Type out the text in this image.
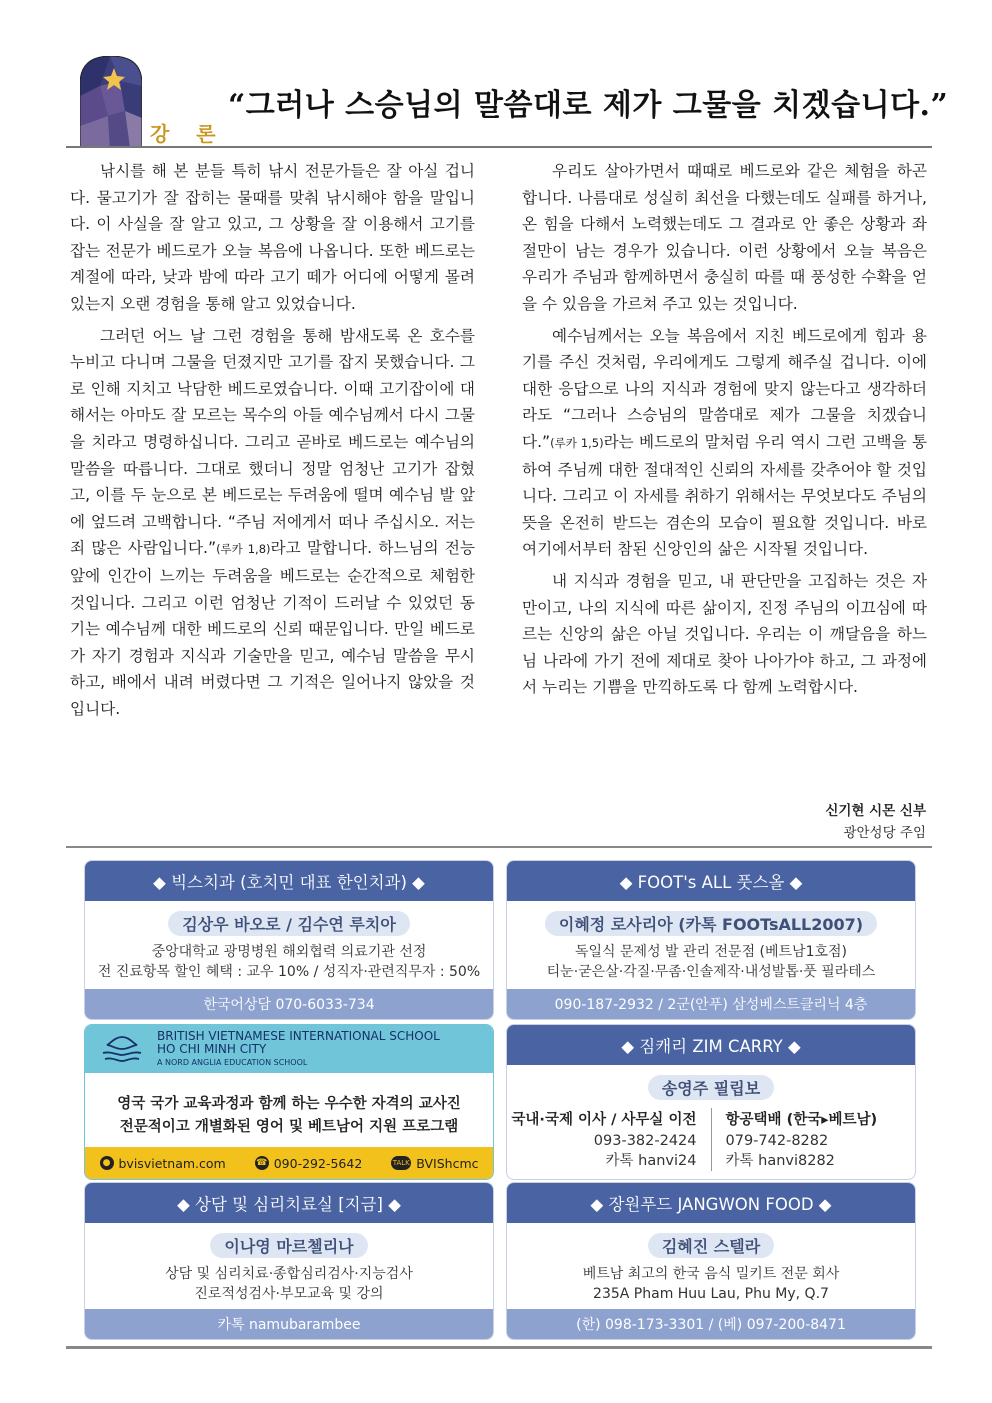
강 론
“그러나 스승님의 말씀대로 제가 그물을 치겠습니다.”

낚시를 해 본 분들 특히 낚시 전문가들은 잘 아실 겁니다. 물고기가 잘 잡히는 물때를 맞춰 낚시해야 함을 말입니다. 이 사실을 잘 알고 있고, 그 상황을 잘 이용해서 고기를 잡는 전문가 베드로가 오늘 복음에 나옵니다. 또한 베드로는 계절에 따라, 낮과 밤에 따라 고기 떼가 어디에 어떻게 몰려 있는지 오랜 경험을 통해 알고 있었습니다.

그러던 어느 날 그런 경험을 통해 밤새도록 온 호수를 누비고 다니며 그물을 던졌지만 고기를 잡지 못했습니다. 그로 인해 지치고 낙담한 베드로였습니다. 이때 고기잡이에 대해서는 아마도 잘 모르는 목수의 아들 예수님께서 다시 그물을 치라고 명령하십니다. 그리고 곧바로 베드로는 예수님의 말씀을 따릅니다. 그대로 했더니 정말 엄청난 고기가 잡혔고, 이를 두 눈으로 본 베드로는 두려움에 떨며 예수님 발 앞에 엎드려 고백합니다. “주님 저에게서 떠나 주십시오. 저는 죄 많은 사람입니다.”(루카 1,8)라고 말합니다. 하느님의 전능 앞에 인간이 느끼는 두려움을 베드로는 순간적으로 체험한 것입니다. 그리고 이런 엄청난 기적이 드러날 수 있었던 동기는 예수님께 대한 베드로의 신뢰 때문입니다. 만일 베드로가 자기 경험과 지식과 기술만을 믿고, 예수님 말씀을 무시하고, 배에서 내려 버렸다면 그 기적은 일어나지 않았을 것입니다.

우리도 살아가면서 때때로 베드로와 같은 체험을 하곤 합니다. 나름대로 성실히 최선을 다했는데도 실패를 하거나, 온 힘을 다해서 노력했는데도 그 결과로 안 좋은 상황과 좌절만이 남는 경우가 있습니다. 이런 상황에서 오늘 복음은 우리가 주님과 함께하면서 충실히 따를 때 풍성한 수확을 얻을 수 있음을 가르쳐 주고 있는 것입니다.

예수님께서는 오늘 복음에서 지친 베드로에게 힘과 용기를 주신 것처럼, 우리에게도 그렇게 해주실 겁니다. 이에 대한 응답으로 나의 지식과 경험에 맞지 않는다고 생각하더라도 “그러나 스승님의 말씀대로 제가 그물을 치겠습니다.”(루카 1,5)라는 베드로의 말처럼 우리 역시 그런 고백을 통하여 주님께 대한 절대적인 신뢰의 자세를 갖추어야 할 것입니다. 그리고 이 자세를 취하기 위해서는 무엇보다도 주님의 뜻을 온전히 받드는 겸손의 모습이 필요할 것입니다. 바로 여기에서부터 참된 신앙인의 삶은 시작될 것입니다.

내 지식과 경험을 믿고, 내 판단만을 고집하는 것은 자만이고, 나의 지식에 따른 삶이지, 진정 주님의 이끄심에 따르는 신앙의 삶은 아닐 것입니다. 우리는 이 깨달음을 하느님 나라에 가기 전에 제대로 찾아 나아가야 하고, 그 과정에서 누리는 기쁨을 만끽하도록 다 함께 노력합시다.

신기현 시몬 신부
광안성당 주임
◆ 빅스치과 (호치민 대표 한인치과) ◆
김상우 바오로 / 김수연 루치아
중앙대학교 광명병원 해외협력 의료기관 선정
전 진료항목 할인 혜택 : 교우 10% / 성직자·관련직무자 : 50%
한국어상담 070-6033-734
◆ FOOT's ALL 풋스올 ◆
이혜정 로사리아 (카톡 FOOTsALL2007)
독일식 문제성 발 관리 전문점 (베트남1호점)
티눈·굳은살·각질·무좀·인솔제작·내성발톱·풋 필라테스
090-187-2932 / 2군(안푸) 삼성베스트클리닉 4층
BRITISH VIETNAMESE INTERNATIONAL SCHOOL
HO CHI MINH CITY
A NORD ANGLIA EDUCATION SCHOOL
영국 국가 교육과정과 함께 하는 우수한 자격의 교사진
전문적이고 개별화된 영어 및 베트남어 지원 프로그램
● bvisvietnam.com	☎ 090-292-5642	TALK BVIShcmc
◆ 짐캐리 ZIM CARRY ◆
송영주 필립보
국내·국제 이사 / 사무실 이전
093-382-2424
카톡 hanvi24
항공택배 (한국▸베트남)
079-742-8282
카톡 hanvi8282
◆ 상담 및 심리치료실 [지금] ◆
이나영 마르첼리나
상담 및 심리치료·종합심리검사·지능검사
진로적성검사·부모교육 및 강의
카톡 namubarambee
◆ 장원푸드 JANGWON FOOD ◆
김혜진 스텔라
베트남 최고의 한국 음식 밀키트 전문 회사
235A Pham Huu Lau, Phu My, Q.7
(한) 098-173-3301 / (베) 097-200-8471
